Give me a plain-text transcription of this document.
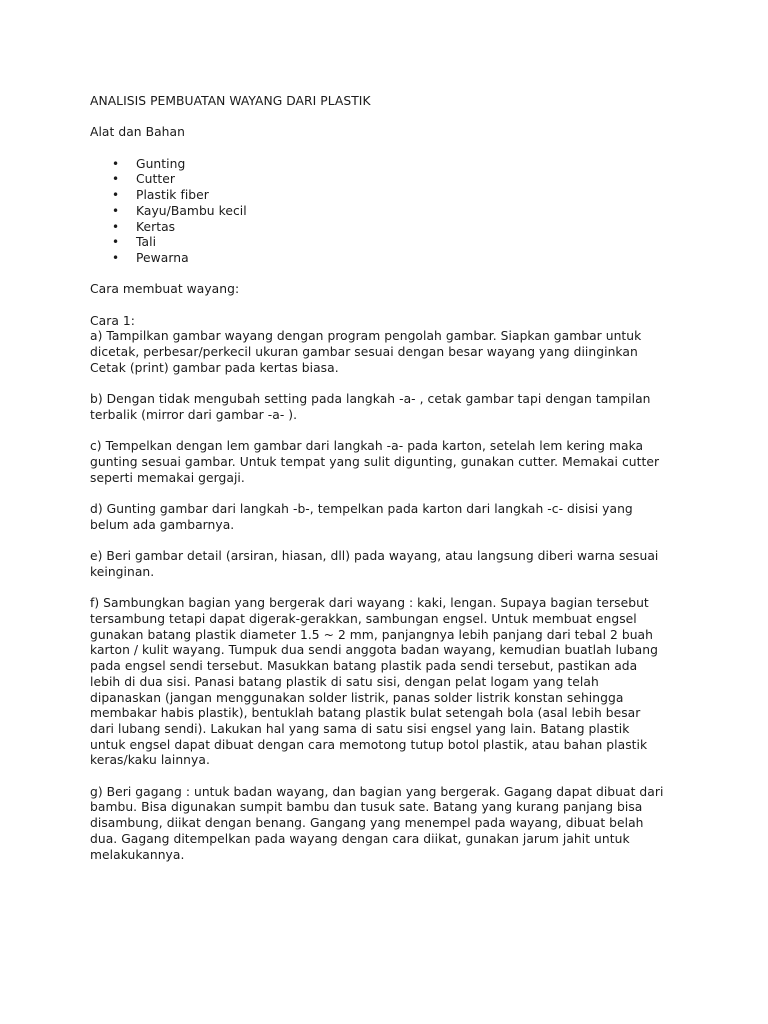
ANALISIS PEMBUATAN WAYANG DARI PLASTIK
Alat dan Bahan
• Gunting
• Cutter
• Plastik fiber
• Kayu/Bambu kecil
• Kertas
• Tali
• Pewarna
Cara membuat wayang:
Cara 1:
a) Tampilkan gambar wayang dengan program pengolah gambar. Siapkan gambar untuk
dicetak, perbesar/perkecil ukuran gambar sesuai dengan besar wayang yang diinginkan
Cetak (print) gambar pada kertas biasa.
b) Dengan tidak mengubah setting pada langkah -a- , cetak gambar tapi dengan tampilan
terbalik (mirror dari gambar -a- ).
c) Tempelkan dengan lem gambar dari langkah -a- pada karton, setelah lem kering maka
gunting sesuai gambar. Untuk tempat yang sulit digunting, gunakan cutter. Memakai cutter
seperti memakai gergaji.
d) Gunting gambar dari langkah -b-, tempelkan pada karton dari langkah -c- disisi yang
belum ada gambarnya.
e) Beri gambar detail (arsiran, hiasan, dll) pada wayang, atau langsung diberi warna sesuai
keinginan.
f) Sambungkan bagian yang bergerak dari wayang : kaki, lengan. Supaya bagian tersebut
tersambung tetapi dapat digerak-gerakkan, sambungan engsel. Untuk membuat engsel
gunakan batang plastik diameter 1.5 ~ 2 mm, panjangnya lebih panjang dari tebal 2 buah
karton / kulit wayang. Tumpuk dua sendi anggota badan wayang, kemudian buatlah lubang
pada engsel sendi tersebut. Masukkan batang plastik pada sendi tersebut, pastikan ada
lebih di dua sisi. Panasi batang plastik di satu sisi, dengan pelat logam yang telah
dipanaskan (jangan menggunakan solder listrik, panas solder listrik konstan sehingga
membakar habis plastik), bentuklah batang plastik bulat setengah bola (asal lebih besar
dari lubang sendi). Lakukan hal yang sama di satu sisi engsel yang lain. Batang plastik
untuk engsel dapat dibuat dengan cara memotong tutup botol plastik, atau bahan plastik
keras/kaku lainnya.
g) Beri gagang : untuk badan wayang, dan bagian yang bergerak. Gagang dapat dibuat dari
bambu. Bisa digunakan sumpit bambu dan tusuk sate. Batang yang kurang panjang bisa
disambung, diikat dengan benang. Gangang yang menempel pada wayang, dibuat belah
dua. Gagang ditempelkan pada wayang dengan cara diikat, gunakan jarum jahit untuk
melakukannya.
